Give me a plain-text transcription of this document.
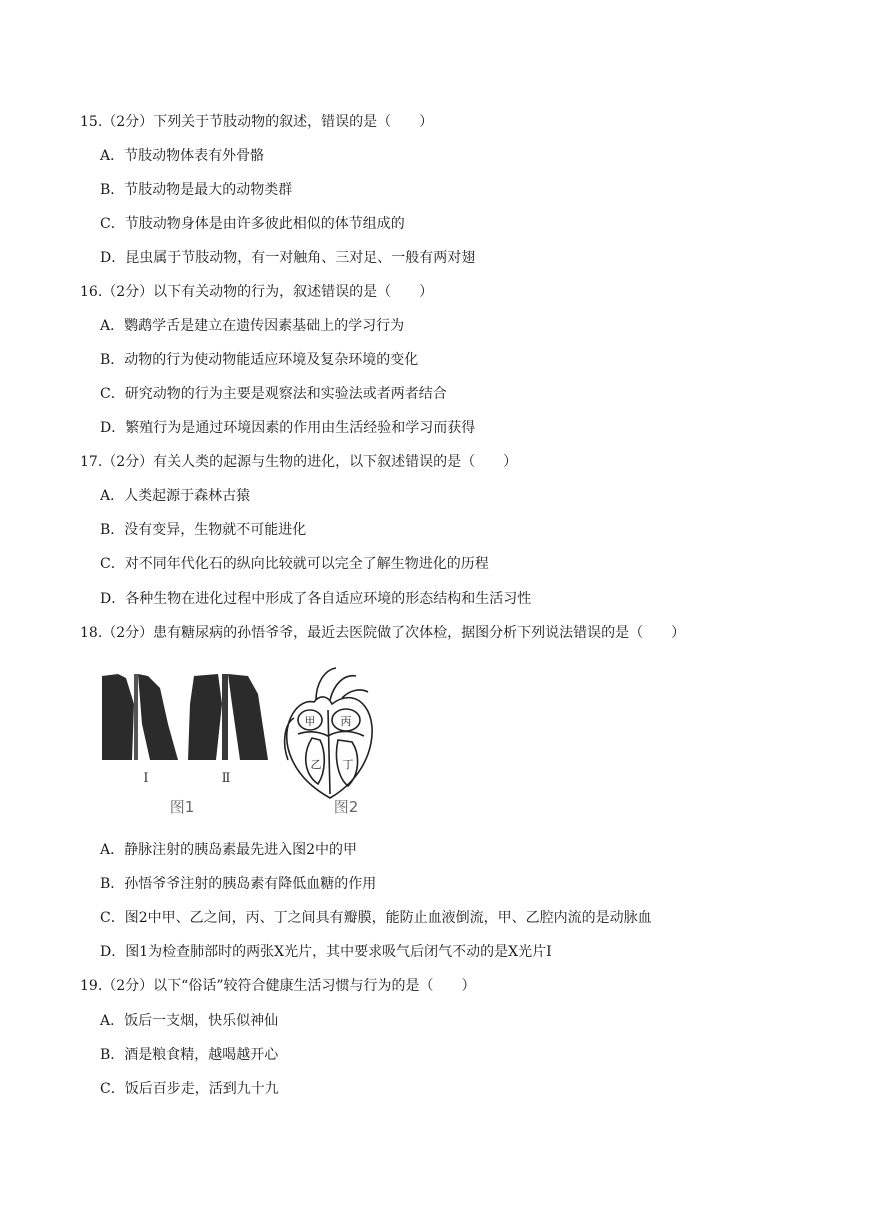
15.（2分）下列关于节肢动物的叙述，错误的是（　　）
A．节肢动物体表有外骨骼
B．节肢动物是最大的动物类群
C．节肢动物身体是由许多彼此相似的体节组成的
D．昆虫属于节肢动物，有一对触角、三对足、一般有两对翅
16.（2分）以下有关动物的行为，叙述错误的是（　　）
A．鹦鹉学舌是建立在遗传因素基础上的学习行为
B．动物的行为使动物能适应环境及复杂环境的变化
C．研究动物的行为主要是观察法和实验法或者两者结合
D．繁殖行为是通过环境因素的作用由生活经验和学习而获得
17.（2分）有关人类的起源与生物的进化，以下叙述错误的是（　　）
A．人类起源于森林古猿
B．没有变异，生物就不可能进化
C．对不同年代化石的纵向比较就可以完全了解生物进化的历程
D．各种生物在进化过程中形成了各自适应环境的形态结构和生活习性
18.（2分）患有糖尿病的孙悟爷爷，最近去医院做了次体检，据图分析下列说法错误的是（　　）
Ⅰ	Ⅱ
图1
甲 丙
乙 丁
图2
A．静脉注射的胰岛素最先进入图2中的甲
B．孙悟爷爷注射的胰岛素有降低血糖的作用
C．图2中甲、乙之间，丙、丁之间具有瓣膜，能防止血液倒流，甲、乙腔内流的是动脉血
D．图1为检查肺部时的两张X光片，其中要求吸气后闭气不动的是X光片Ⅰ
19.（2分）以下“俗话”较符合健康生活习惯与行为的是（　　）
A．饭后一支烟，快乐似神仙
B．酒是粮食精，越喝越开心
C．饭后百步走，活到九十九
